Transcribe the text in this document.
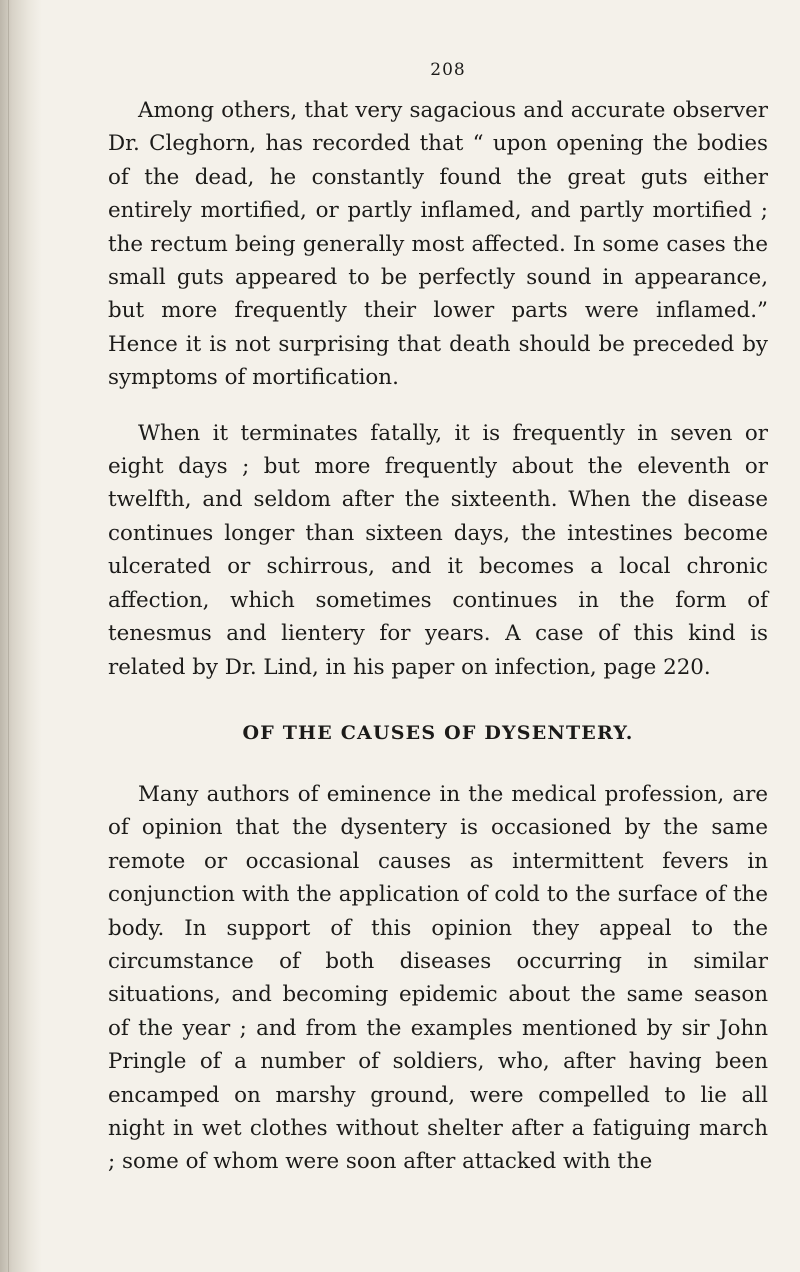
208

Among others, that very sagacious and accurate observer Dr. Cleghorn, has recorded that “ upon opening the bodies of the dead, he constantly found the great guts either entirely mortified, or partly inflamed, and partly mortified ; the rectum being generally most affected. In some cases the small guts appeared to be perfectly sound in appearance, but more frequently their lower parts were inflamed.” Hence it is not surprising that death should be preceded by symptoms of mortification.

When it terminates fatally, it is frequently in seven or eight days ; but more frequently about the eleventh or twelfth, and seldom after the sixteenth. When the disease continues longer than sixteen days, the intestines become ulcerated or schirrous, and it becomes a local chronic affection, which sometimes continues in the form of tenesmus and lientery for years. A case of this kind is related by Dr. Lind, in his paper on infection, page 220.

OF THE CAUSES OF DYSENTERY.

Many authors of eminence in the medical profession, are of opinion that the dysentery is occasioned by the same remote or occasional causes as intermittent fevers in conjunction with the application of cold to the surface of the body. In support of this opinion they appeal to the circumstance of both diseases occurring in similar situations, and becoming epidemic about the same season of the year ; and from the examples mentioned by sir John Pringle of a number of soldiers, who, after having been encamped on marshy ground, were compelled to lie all night in wet clothes without shelter after a fatiguing march ; some of whom were soon after attacked with the
